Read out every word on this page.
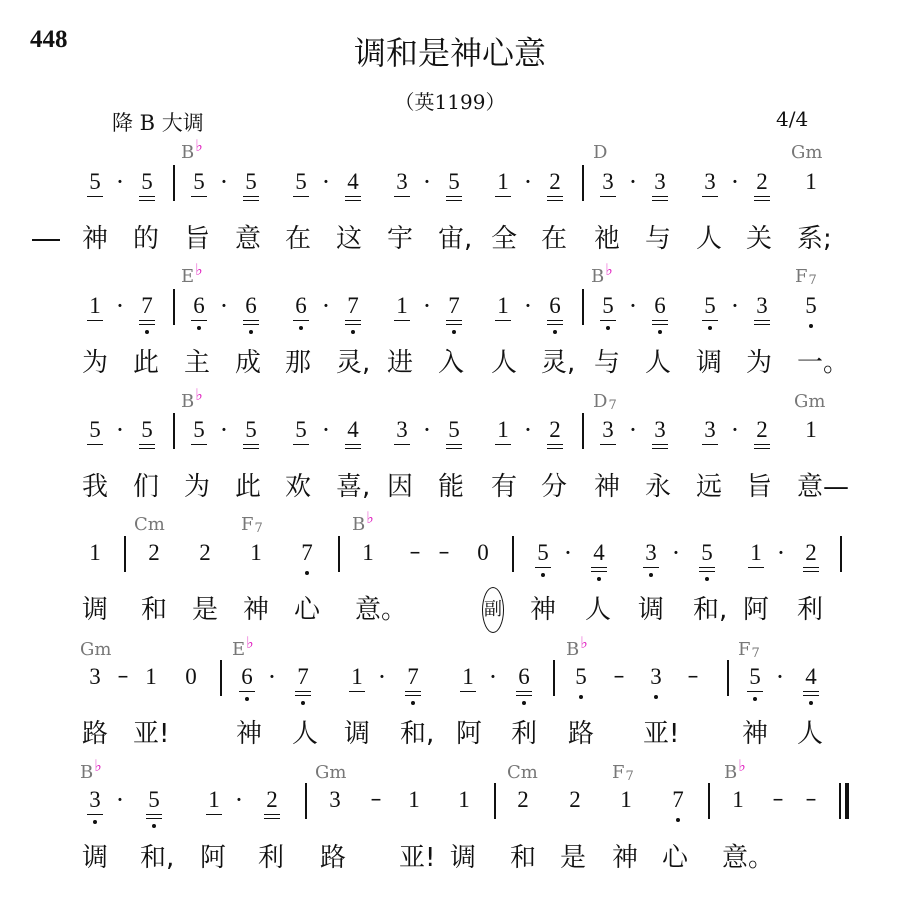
448	调和是神心意
（英1199）
降 B 大调	4/4
B♭	D	Gm
5 · 5 5 · 5 5 · 4 3 · 5 1 · 2 3 · 3 3 · 2 1
神 的 旨 意 在 这 宇 宙, 全 在 祂 与 人 关 系;
E♭	B♭	F7
1 · 7 6 · 6 6 · 7 1 · 7 1 · 6 5 · 6 5 · 3 5
为 此 主 成 那 灵, 进 入 人 灵, 与 人 调 为 一。
B♭	D7	Gm
5 · 5 5 · 5 5 · 4 3 · 5 1 · 2 3 · 3 3 · 2 1
我 们 为 此 欢 喜, 因 能 有 分 神 永 远 旨 意—
Cm	F7	B♭
1 2 2 1 7 1 – – 0 5 · 4 3 · 5 1 · 2
副
调 和 是 神 心 意。	神 人 调 和, 阿 利
Gm	E♭	B♭	F7
3 – 1 0 6 · 7 1 · 7 1 · 6 5 – 3 – 5 · 4
路 亚!	神 人 调 和, 阿 利 路 亚! 神 人
B♭	Gm	Cm	F7	B♭
3 · 5 1 · 2 3 – 1 1 2 2 1 7 1 – –
调 和, 阿 利 路 亚! 调 和 是 神 心 意。
